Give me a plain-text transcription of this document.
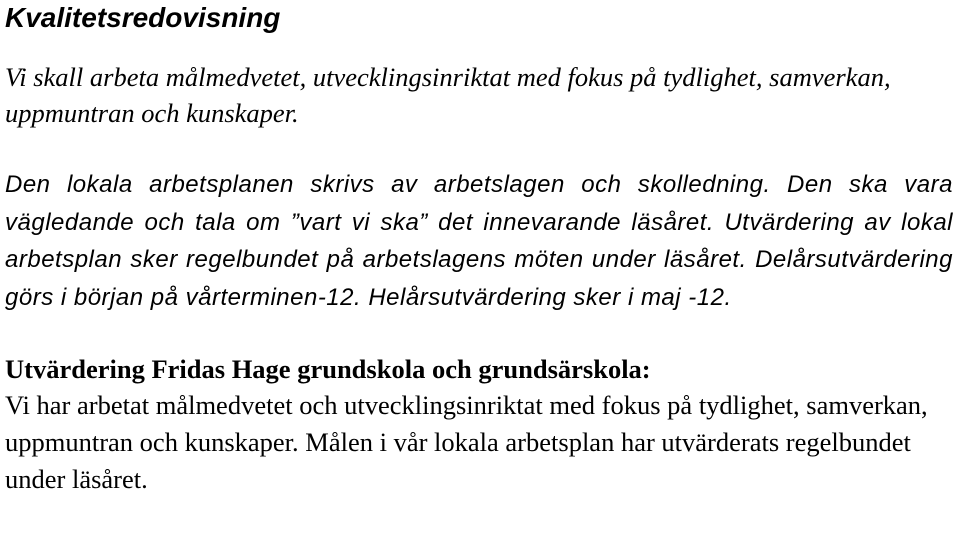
Kvalitetsredovisning

Vi skall arbeta målmedvetet, utvecklingsinriktat med fokus på tydlighet, samverkan, uppmuntran och kunskaper.

Den lokala arbetsplanen skrivs av arbetslagen och skolledning. Den ska vara vägledande och tala om ”vart vi ska” det innevarande läsåret. Utvärdering av lokal arbetsplan sker regelbundet på arbetslagens möten under läsåret. Delårsutvärdering görs i början på vårterminen-12. Helårsutvärdering sker i maj -12.

Utvärdering Fridas Hage grundskola och grundsärskola:

Vi har arbetat målmedvetet och utvecklingsinriktat med fokus på tydlighet, samverkan, uppmuntran och kunskaper. Målen i vår lokala arbetsplan har utvärderats regelbundet under läsåret.
